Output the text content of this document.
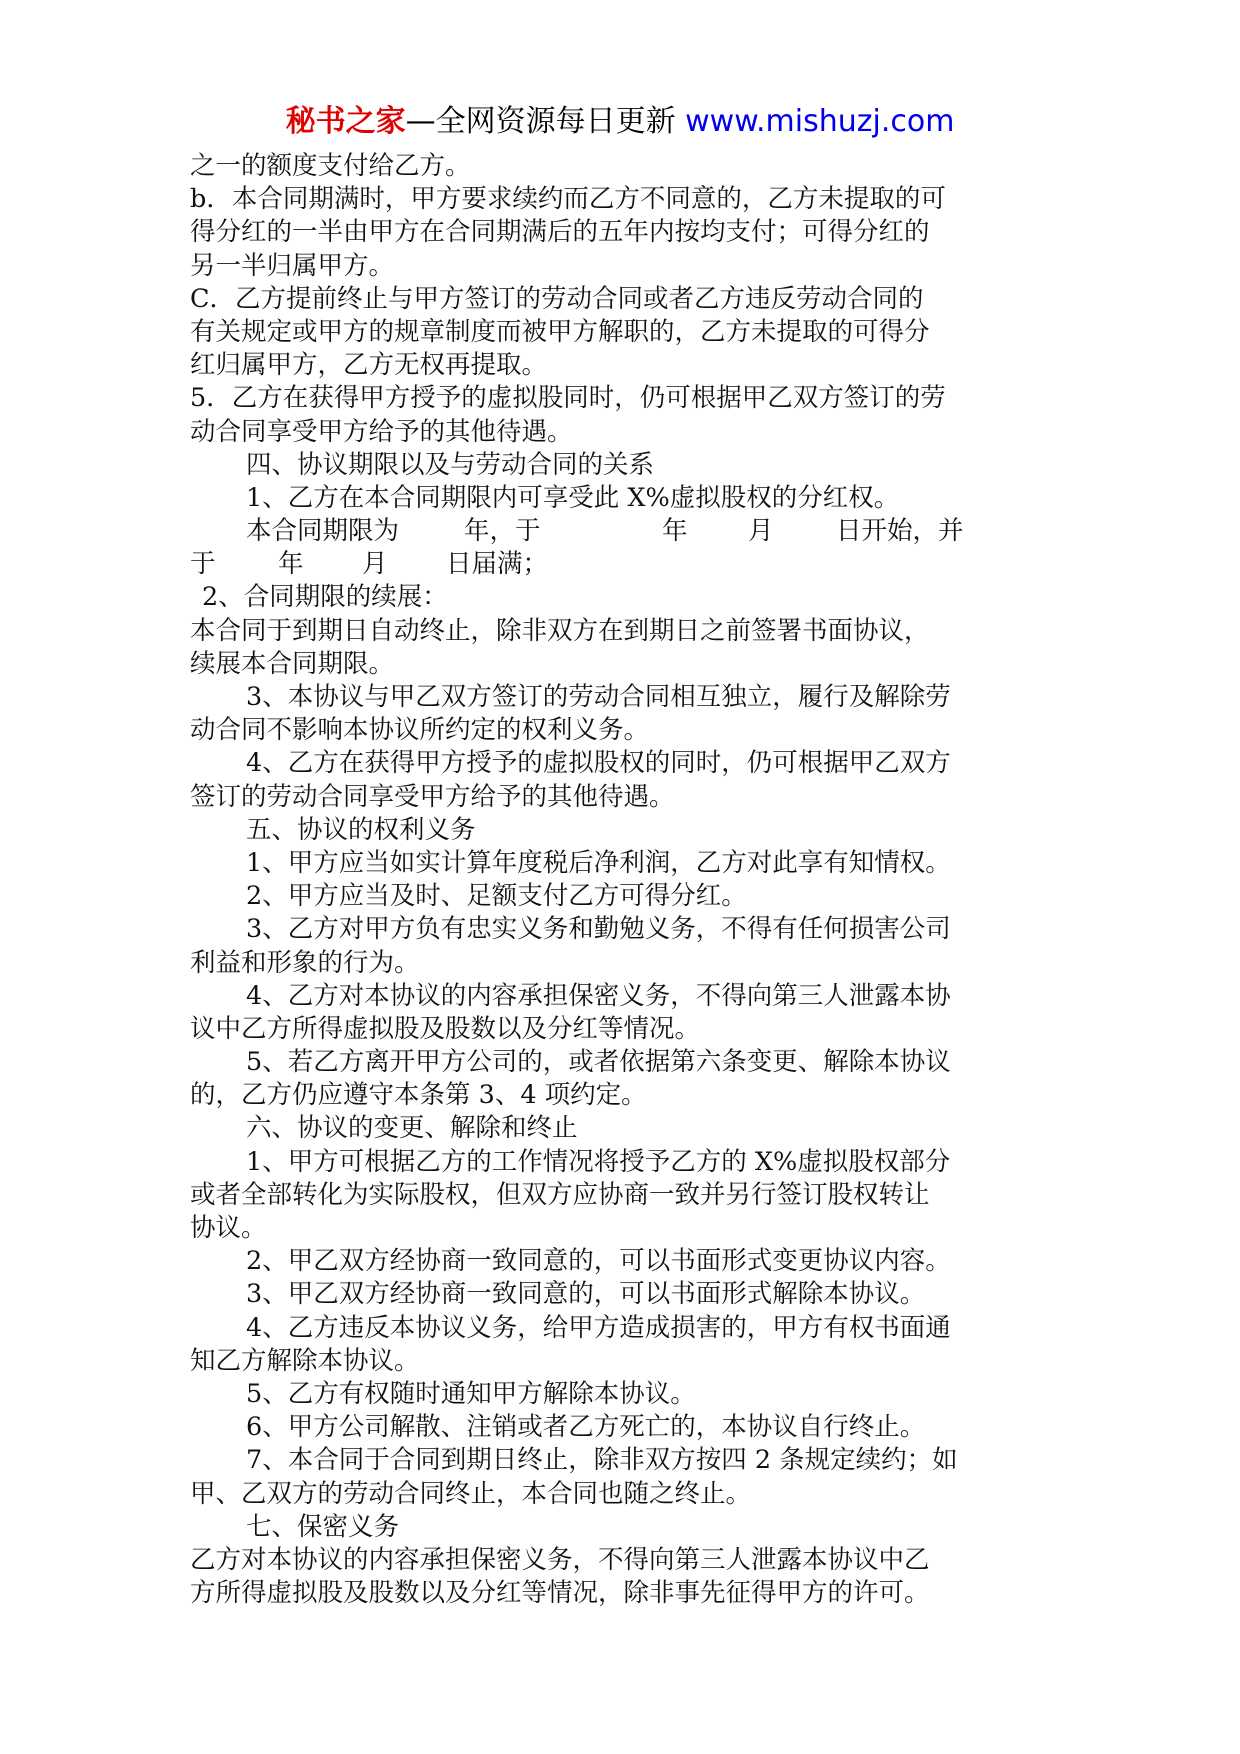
秘书之家—全网资源每日更新 www.mishuzj.com
之一的额度支付给乙方。
b．本合同期满时，甲方要求续约而乙方不同意的，乙方未提取的可
得分红的一半由甲方在合同期满后的五年内按均支付；可得分红的
另一半归属甲方。
C．乙方提前终止与甲方签订的劳动合同或者乙方违反劳动合同的
有关规定或甲方的规章制度而被甲方解职的，乙方未提取的可得分
红归属甲方，乙方无权再提取。
5．乙方在获得甲方授予的虚拟股同时，仍可根据甲乙双方签订的劳
动合同享受甲方给予的其他待遇。
四、协议期限以及与劳动合同的关系
1、乙方在本合同期限内可享受此 X%虚拟股权的分红权。
本合同期限为	年，于	年 月 日开始，并
于 年 月 日届满；
2、合同期限的续展：
本合同于到期日自动终止，除非双方在到期日之前签署书面协议，
续展本合同期限。
3、本协议与甲乙双方签订的劳动合同相互独立，履行及解除劳
动合同不影响本协议所约定的权利义务。
4、乙方在获得甲方授予的虚拟股权的同时，仍可根据甲乙双方
签订的劳动合同享受甲方给予的其他待遇。
五、协议的权利义务
1、甲方应当如实计算年度税后净利润，乙方对此享有知情权。
2、甲方应当及时、足额支付乙方可得分红。
3、乙方对甲方负有忠实义务和勤勉义务，不得有任何损害公司
利益和形象的行为。
4、乙方对本协议的内容承担保密义务，不得向第三人泄露本协
议中乙方所得虚拟股及股数以及分红等情况。
5、若乙方离开甲方公司的，或者依据第六条变更、解除本协议
的，乙方仍应遵守本条第 3、4 项约定。
六、协议的变更、解除和终止
1、甲方可根据乙方的工作情况将授予乙方的 X%虚拟股权部分
或者全部转化为实际股权，但双方应协商一致并另行签订股权转让
协议。
2、甲乙双方经协商一致同意的，可以书面形式变更协议内容。
3、甲乙双方经协商一致同意的，可以书面形式解除本协议。
4、乙方违反本协议义务，给甲方造成损害的，甲方有权书面通
知乙方解除本协议。
5、乙方有权随时通知甲方解除本协议。
6、甲方公司解散、注销或者乙方死亡的，本协议自行终止。
7、本合同于合同到期日终止，除非双方按四 2 条规定续约；如
甲、乙双方的劳动合同终止，本合同也随之终止。
七、保密义务
乙方对本协议的内容承担保密义务，不得向第三人泄露本协议中乙
方所得虚拟股及股数以及分红等情况，除非事先征得甲方的许可。
